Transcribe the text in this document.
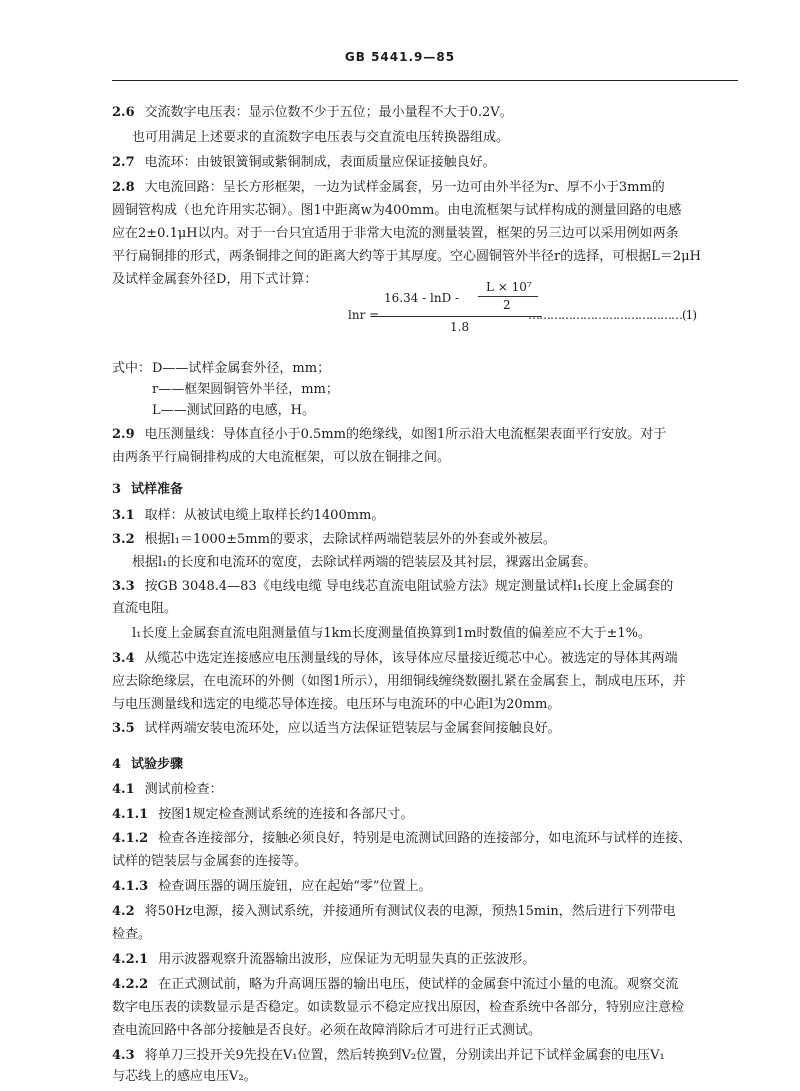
GB 5441.9—85
2.6 交流数字电压表：显示位数不少于五位；最小量程不大于0.2V。
也可用满足上述要求的直流数字电压表与交直流电压转换器组成。
2.7 电流环：由铍银簧铜或紫铜制成，表面质量应保证接触良好。
2.8 大电流回路：呈长方形框架，一边为试样金属套，另一边可由外半径为r、厚不小于3mm的
圆铜管构成（也允许用实芯铜）。图1中距离w为400mm。由电流框架与试样构成的测量回路的电感
应在2±0.1μH以内。对于一台只宜适用于非常大电流的测量装置，框架的另三边可以采用例如两条
平行扁铜排的形式，两条铜排之间的距离大约等于其厚度。空心圆铜管外半径r的选择，可根据L＝2μH
及试样金属套外径D，用下式计算：
lnr =
16.34 - lnD -
L × 10⁷
2
1.8
……………………………………(1)
式中： D——试样金属套外径，mm；
r——框架圆铜管外半径，mm；
L——测试回路的电感，H。
2.9 电压测量线：导体直径小于0.5mm的绝缘线，如图1所示沿大电流框架表面平行安放。对于
由两条平行扁铜排构成的大电流框架，可以放在铜排之间。
3 试样准备
3.1 取样：从被试电缆上取样长约1400mm。
3.2 根据l₁＝1000±5mm的要求，去除试样两端铠装层外的外套或外被层。
根据l₁的长度和电流环的宽度，去除试样两端的铠装层及其衬层，裸露出金属套。
3.3 按GB 3048.4—83《电线电缆 导电线芯直流电阻试验方法》规定测量试样l₁长度上金属套的
直流电阻。
l₁长度上金属套直流电阻测量值与1km长度测量值换算到1m时数值的偏差应不大于±1%。
3.4 从缆芯中选定连接感应电压测量线的导体，该导体应尽量接近缆芯中心。被选定的导体其两端
应去除绝缘层，在电流环的外侧（如图1所示），用细铜线缠绕数圈扎紧在金属套上，制成电压环，并
与电压测量线和选定的电缆芯导体连接。电压环与电流环的中心距l为20mm。
3.5 试样两端安装电流环处，应以适当方法保证铠装层与金属套间接触良好。
4 试验步骤
4.1 测试前检查：
4.1.1 按图1规定检查测试系统的连接和各部尺寸。
4.1.2 检查各连接部分，接触必须良好，特别是电流测试回路的连接部分，如电流环与试样的连接、
试样的铠装层与金属套的连接等。
4.1.3 检查调压器的调压旋钮，应在起始“零”位置上。
4.2 将50Hz电源，接入测试系统，并接通所有测试仪表的电源，预热15min，然后进行下列带电
检查。
4.2.1 用示波器观察升流器输出波形，应保证为无明显失真的正弦波形。
4.2.2 在正式测试前，略为升高调压器的输出电压，使试样的金属套中流过小量的电流。观察交流
数字电压表的读数显示是否稳定。如读数显示不稳定应找出原因，检查系统中各部分，特别应注意检
查电流回路中各部分接触是否良好。必须在故障消除后才可进行正式测试。
4.3 将单刀三投开关9先投在V₁位置，然后转换到V₂位置，分别读出并记下试样金属套的电压V₁
与芯线上的感应电压V₂。
